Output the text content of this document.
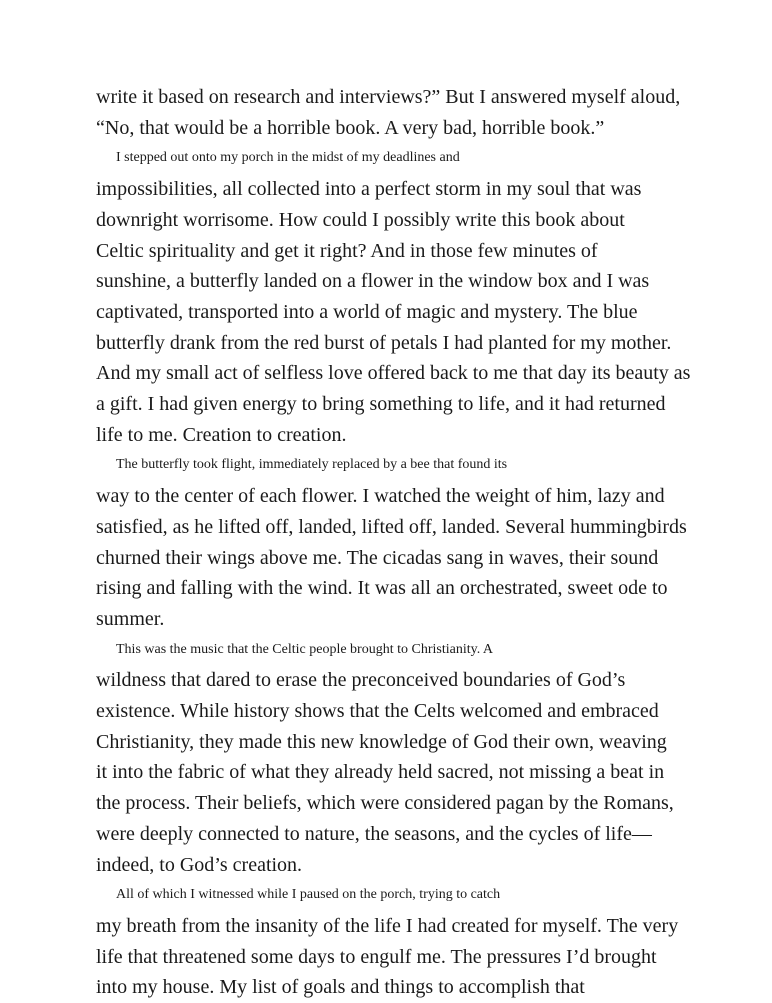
write it based on research and interviews?” But I answered myself aloud,
“No, that would be a horrible book. A very bad, horrible book.”
I stepped out onto my porch in the midst of my deadlines and
impossibilities, all collected into a perfect storm in my soul that was
downright worrisome. How could I possibly write this book about
Celtic spirituality and get it right? And in those few minutes of
sunshine, a butterfly landed on a flower in the window box and I was
captivated, transported into a world of magic and mystery. The blue
butterfly drank from the red burst of petals I had planted for my mother.
And my small act of selfless love offered back to me that day its beauty as
a gift. I had given energy to bring something to life, and it had returned
life to me. Creation to creation.
The butterfly took flight, immediately replaced by a bee that found its
way to the center of each flower. I watched the weight of him, lazy and
satisfied, as he lifted off, landed, lifted off, landed. Several hummingbirds
churned their wings above me. The cicadas sang in waves, their sound
rising and falling with the wind. It was all an orchestrated, sweet ode to
summer.
This was the music that the Celtic people brought to Christianity. A
wildness that dared to erase the preconceived boundaries of God’s
existence. While history shows that the Celts welcomed and embraced
Christianity, they made this new knowledge of God their own, weaving
it into the fabric of what they already held sacred, not missing a beat in
the process. Their beliefs, which were considered pagan by the Romans,
were deeply connected to nature, the seasons, and the cycles of life—
indeed, to God’s creation.
All of which I witnessed while I paused on the porch, trying to catch
my breath from the insanity of the life I had created for myself. The very
life that threatened some days to engulf me. The pressures I’d brought
into my house. My list of goals and things to accomplish that
